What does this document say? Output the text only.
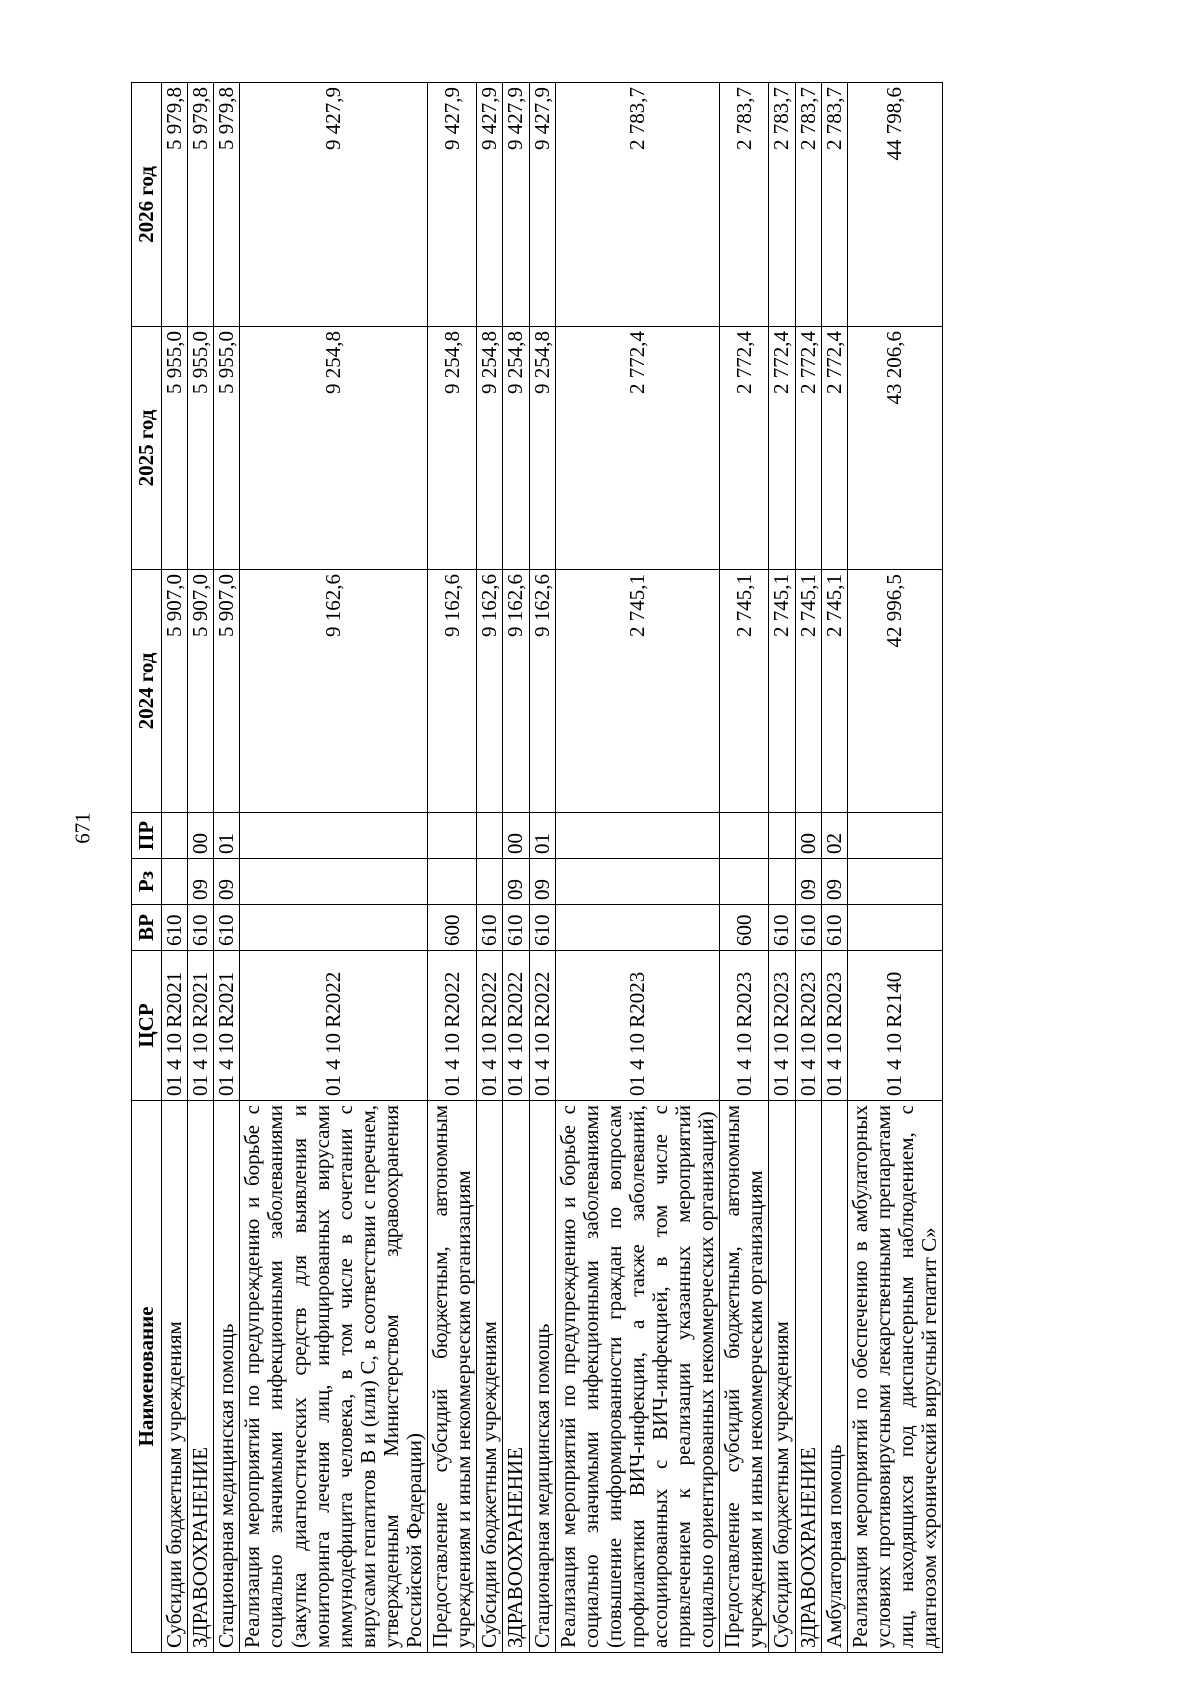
671
Наименование	ЦСР	ВР	Рз	ПР	2024 год	2025 год	2026 год
Субсидии бюджетным учреждениям	01 4 10 R2021	610			5 907,0	5 955,0	5 979,8
ЗДРАВООХРАНЕНИЕ	01 4 10 R2021	610	09	00	5 907,0	5 955,0	5 979,8
Стационарная медицинская помощь	01 4 10 R2021	610	09	01	5 907,0	5 955,0	5 979,8
Реализация мероприятий по предупреждению и борьбе с социально значимыми инфекционными заболеваниями (закупка диагностических средств для выявления и мониторинга лечения лиц, инфицированных вирусами иммунодефицита человека, в том числе в сочетании с вирусами гепатитов B и (или) C, в соответствии с перечнем, утвержденным Министерством здравоохранения Российской Федерации)	01 4 10 R2022				9 162,6	9 254,8	9 427,9
Предоставление субсидий бюджетным, автономным учреждениям и иным некоммерческим организациям	01 4 10 R2022	600			9 162,6	9 254,8	9 427,9
Субсидии бюджетным учреждениям	01 4 10 R2022	610			9 162,6	9 254,8	9 427,9
ЗДРАВООХРАНЕНИЕ	01 4 10 R2022	610	09	00	9 162,6	9 254,8	9 427,9
Стационарная медицинская помощь	01 4 10 R2022	610	09	01	9 162,6	9 254,8	9 427,9
Реализация мероприятий по предупреждению и борьбе с социально значимыми инфекционными заболеваниями (повышение информированности граждан по вопросам профилактики ВИЧ-инфекции, а также заболеваний, ассоциированных с ВИЧ-инфекцией, в том числе с привлечением к реализации указанных мероприятий социально ориентированных некоммерческих организаций)	01 4 10 R2023				2 745,1	2 772,4	2 783,7
Предоставление субсидий бюджетным, автономным учреждениям и иным некоммерческим организациям	01 4 10 R2023	600			2 745,1	2 772,4	2 783,7
Субсидии бюджетным учреждениям	01 4 10 R2023	610			2 745,1	2 772,4	2 783,7
ЗДРАВООХРАНЕНИЕ	01 4 10 R2023	610	09	00	2 745,1	2 772,4	2 783,7
Амбулаторная помощь	01 4 10 R2023	610	09	02	2 745,1	2 772,4	2 783,7
Реализация мероприятий по обеспечению в амбулаторных условиях противовирусными лекарственными препаратами лиц, находящихся под диспансерным наблюдением, с диагнозом «хронический вирусный гепатит C»	01 4 10 R2140				42 996,5	43 206,6	44 798,6
